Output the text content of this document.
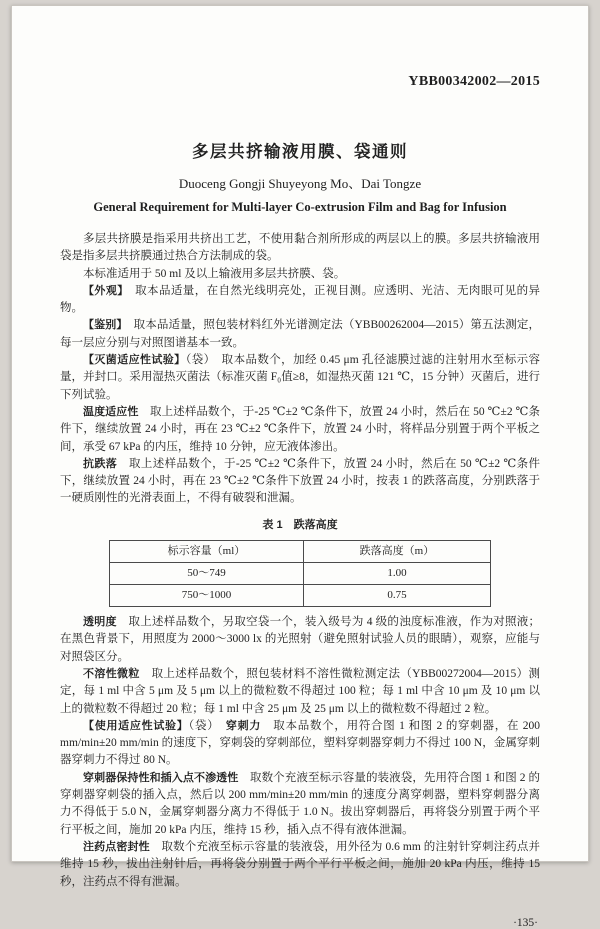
YBB00342002—2015
多层共挤输液用膜、袋通则
Duoceng Gongji Shuyeyong Mo、Dai Tongze
General Requirement for Multi-layer Co-extrusion Film and Bag for Infusion

多层共挤膜是指采用共挤出工艺，不使用黏合剂所形成的两层以上的膜。多层共挤输液用袋是指多层共挤膜通过热合方法制成的袋。

本标准适用于 50 ml 及以上输液用多层共挤膜、袋。

【外观】　取本品适量，在自然光线明亮处，正视目测。应透明、光洁、无肉眼可见的异物。

【鉴别】　取本品适量，照包装材料红外光谱测定法（YBB00262004—2015）第五法测定，每一层应分别与对照图谱基本一致。

【灭菌适应性试验】（袋）　取本品数个，加经 0.45 μm 孔径滤膜过滤的注射用水至标示容量，并封口。采用湿热灭菌法（标准灭菌 F₀值≥8，如湿热灭菌 121 ℃，15 分钟）灭菌后，进行下列试验。

温度适应性　取上述样品数个，于-25 ℃±2 ℃条件下，放置 24 小时，然后在 50 ℃±2 ℃条件下，继续放置 24 小时，再在 23 ℃±2 ℃条件下，放置 24 小时，将样品分别置于两个平板之间，承受 67 kPa 的内压，维持 10 分钟，应无液体渗出。

抗跌落　取上述样品数个，于-25 ℃±2 ℃条件下，放置 24 小时，然后在 50 ℃±2 ℃条件下，继续放置 24 小时，再在 23 ℃±2 ℃条件下放置 24 小时，按表 1 的跌落高度，分别跌落于一硬质刚性的光滑表面上，不得有破裂和泄漏。

表 1　跌落高度
标示容量（ml）	跌落高度（m）
50～749	1.00
750～1000	0.75

透明度　取上述样品数个，另取空袋一个，装入级号为 4 级的浊度标准液，作为对照液；在黑色背景下，用照度为 2000～3000 lx 的光照射（避免照射试验人员的眼睛），观察，应能与对照袋区分。

不溶性微粒　取上述样品数个，照包装材料不溶性微粒测定法（YBB00272004—2015）测定，每 1 ml 中含 5 μm 及 5 μm 以上的微粒数不得超过 100 粒；每 1 ml 中含 10 μm 及 10 μm 以上的微粒数不得超过 20 粒；每 1 ml 中含 25 μm 及 25 μm 以上的微粒数不得超过 2 粒。

【使用适应性试验】（袋）　穿刺力　取本品数个，用符合图 1 和图 2 的穿刺器，在 200 mm/min±20 mm/min 的速度下，穿刺袋的穿刺部位，塑料穿刺器穿刺力不得过 100 N，金属穿刺器穿刺力不得过 80 N。

穿刺器保持性和插入点不渗透性　取数个充液至标示容量的装液袋，先用符合图 1 和图 2 的穿刺器穿刺袋的插入点，然后以 200 mm/min±20 mm/min 的速度分离穿刺器，塑料穿刺器分离力不得低于 5.0 N，金属穿刺器分离力不得低于 1.0 N。拔出穿刺器后，再将袋分别置于两个平行平板之间，施加 20 kPa 内压，维持 15 秒，插入点不得有液体泄漏。

注药点密封性　取数个充液至标示容量的装液袋，用外径为 0.6 mm 的注射针穿刺注药点并维持 15 秒，拔出注射针后，再将袋分别置于两个平行平板之间，施加 20 kPa 内压，维持 15 秒，注药点不得有泄漏。

·135·
